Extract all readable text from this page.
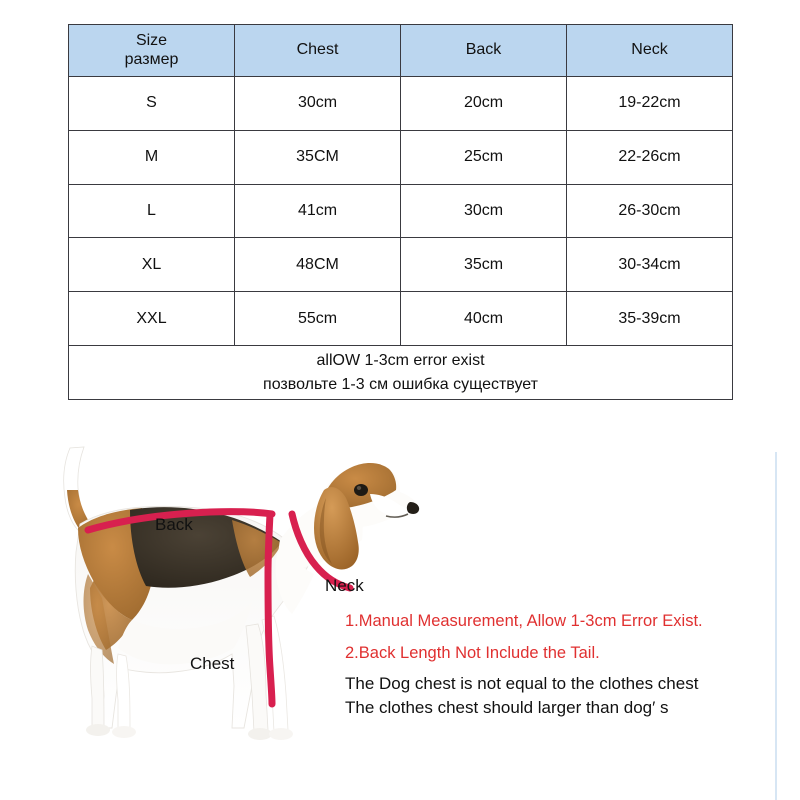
Size
размер	Chest	Back	Neck

S	30cm	20cm	19-22cm
M	35CM	25cm	22-26cm
L	41cm	30cm	26-30cm
XL	48CM	35cm	30-34cm
XXL	55cm	40cm	35-39cm

allOW 1-3cm error exist
позвольте 1-3 см ошибка существует			
Back
Neck
Chest
1.Manual Measurement, Allow 1-3cm Error Exist.
2.Back Length Not Include the Tail.
The Dog chest is not equal to the clothes chest
The clothes chest should larger than dog′ s
